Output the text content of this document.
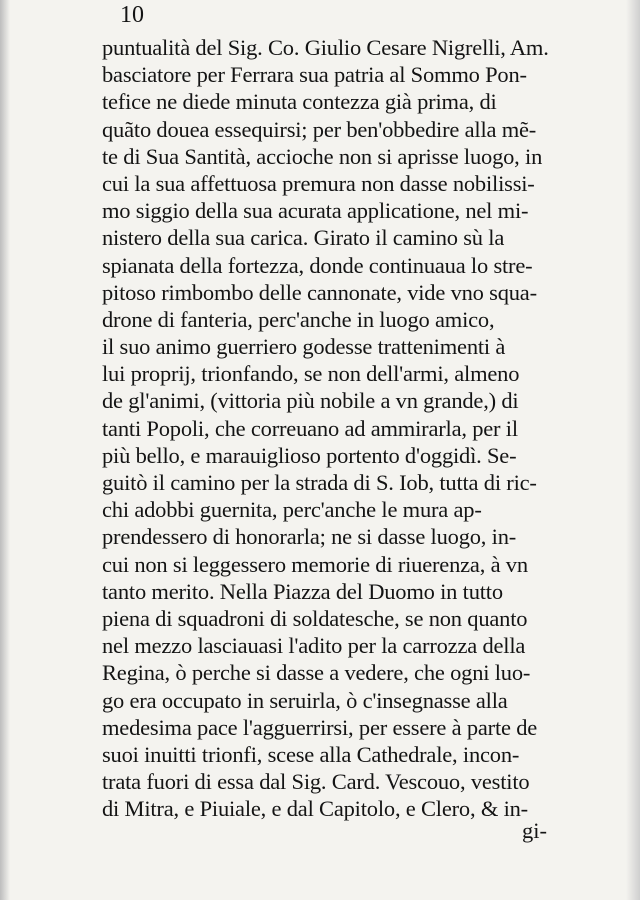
10
puntualità del Sig. Co. Giulio Cesare Nigrelli, Am.
basciatore per Ferrara sua patria al Sommo Pon-
tefice ne diede minuta contezza già prima, di
quãto douea essequirsi; per ben'obbedire alla mẽ-
te di Sua Santità, accioche non si aprisse luogo, in
cui la sua affettuosa premura non dasse nobilissi-
mo siggio della sua acurata applicatione, nel mi-
nistero della sua carica. Girato il camino sù la
spianata della fortezza, donde continuaua lo stre-
pitoso rimbombo delle cannonate, vide vno squa-
drone di fanteria, perc'anche in luogo amico,
il suo animo guerriero godesse trattenimenti à
lui proprij, trionfando, se non dell'armi, almeno
de gl'animi, (vittoria più nobile a vn grande,) di
tanti Popoli, che correuano ad ammirarla, per il
più bello, e marauiglioso portento d'oggidì. Se-
guitò il camino per la strada di S. Iob, tutta di ric-
chi adobbi guernita, perc'anche le mura ap-
prendessero di honorarla; ne si dasse luogo, in-
cui non si leggessero memorie di riuerenza, à vn
tanto merito. Nella Piazza del Duomo in tutto
piena di squadroni di soldatesche, se non quanto
nel mezzo lasciauasi l'adito per la carrozza della
Regina, ò perche si dasse a vedere, che ogni luo-
go era occupato in seruirla, ò c'insegnasse alla
medesima pace l'agguerrirsi, per essere à parte de
suoi inuitti trionfi, scese alla Cathedrale, incon-
trata fuori di essa dal Sig. Card. Vescouo, vestito
di Mitra, e Piuiale, e dal Capitolo, e Clero, & in-
gi-
